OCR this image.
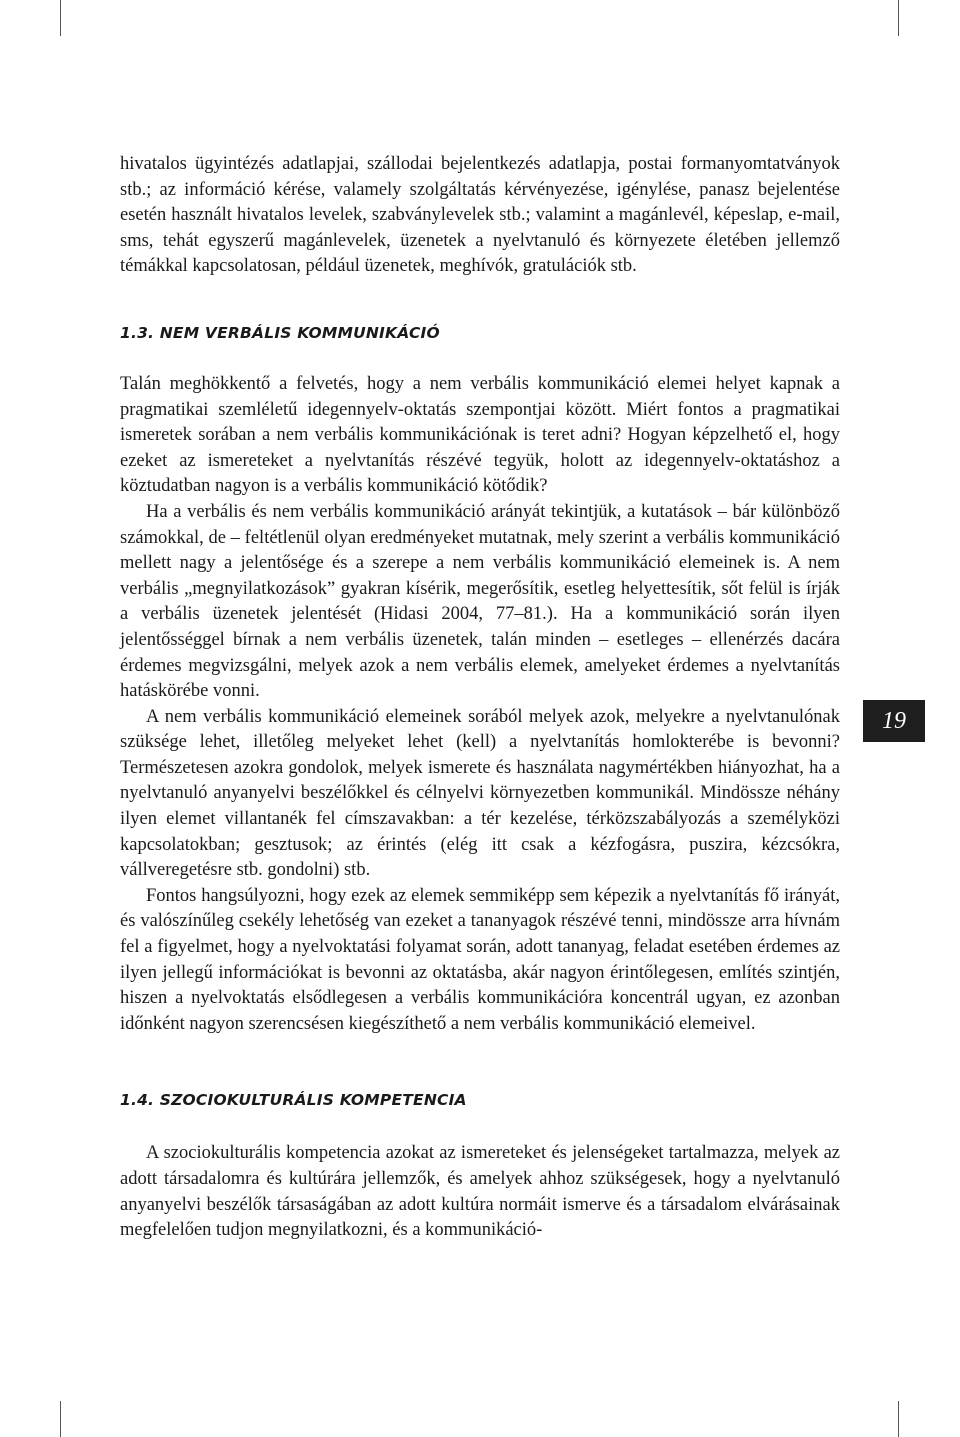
hivatalos ügyintézés adatlapjai, szállodai bejelentkezés adatlapja, postai formanyomtatványok stb.; az információ kérése, valamely szolgáltatás kérvényezése, igénylése, panasz bejelentése esetén használt hivatalos levelek, szabványlevelek stb.; valamint a magánlevél, képeslap, e-mail, sms, tehát egyszerű magánlevelek, üzenetek a nyelvtanuló és környezete életében jellemző témákkal kapcsolatosan, például üzenetek, meghívók, gratulációk stb.

1.3. NEM VERBÁLIS KOMMUNIKÁCIÓ

Talán meghökkentő a felvetés, hogy a nem verbális kommunikáció elemei helyet kapnak a pragmatikai szemléletű idegennyelv-oktatás szempontjai között. Miért fontos a pragmatikai ismeretek sorában a nem verbális kommunikációnak is teret adni? Hogyan képzelhető el, hogy ezeket az ismereteket a nyelvtanítás részévé tegyük, holott az idegennyelv-oktatáshoz a köztudatban nagyon is a verbális kommunikáció kötődik?

Ha a verbális és nem verbális kommunikáció arányát tekintjük, a kutatások – bár különböző számokkal, de – feltétlenül olyan eredményeket mutatnak, mely szerint a verbális kommunikáció mellett nagy a jelentősége és a szerepe a nem verbális kommunikáció elemeinek is. A nem verbális „megnyilatkozások” gyakran kísérik, megerősítik, esetleg helyettesítik, sőt felül is írják a verbális üzenetek jelentését (Hidasi 2004, 77–81.). Ha a kommunikáció során ilyen jelentősséggel bírnak a nem verbális üzenetek, talán minden – esetleges – ellenérzés dacára érdemes megvizsgálni, melyek azok a nem verbális elemek, amelyeket érdemes a nyelvtanítás hatáskörébe vonni.

A nem verbális kommunikáció elemeinek sorából melyek azok, melyekre a nyelvtanulónak szüksége lehet, illetőleg melyeket lehet (kell) a nyelvtanítás homlokterébe is bevonni? Természetesen azokra gondolok, melyek ismerete és használata nagymértékben hiányozhat, ha a nyelvtanuló anyanyelvi beszélőkkel és célnyelvi környezetben kommunikál. Mindössze néhány ilyen elemet villantanék fel címszavakban: a tér kezelése, térközszabályozás a személyközi kapcsolatokban; gesztusok; az érintés (elég itt csak a kézfogásra, puszira, kézcsókra, vállveregetésre stb. gondolni) stb.

Fontos hangsúlyozni, hogy ezek az elemek semmiképp sem képezik a nyelvtanítás fő irányát, és valószínűleg csekély lehetőség van ezeket a tananyagok részévé tenni, mindössze arra hívnám fel a figyelmet, hogy a nyelvoktatási folyamat során, adott tananyag, feladat esetében érdemes az ilyen jellegű információkat is bevonni az oktatásba, akár nagyon érintőlegesen, említés szintjén, hiszen a nyelvoktatás elsődlegesen a verbális kommunikációra koncentrál ugyan, ez azonban időnként nagyon szerencsésen kiegészíthető a nem verbális kommunikáció elemeivel.

1.4. SZOCIOKULTURÁLIS KOMPETENCIA

A szociokulturális kompetencia azokat az ismereteket és jelenségeket tartalmazza, melyek az adott társadalomra és kultúrára jellemzők, és amelyek ahhoz szükségesek, hogy a nyelvtanuló anyanyelvi beszélők társaságában az adott kultúra normáit ismerve és a társadalom elvárásainak megfelelően tudjon megnyilatkozni, és a kommunikáció-

19
